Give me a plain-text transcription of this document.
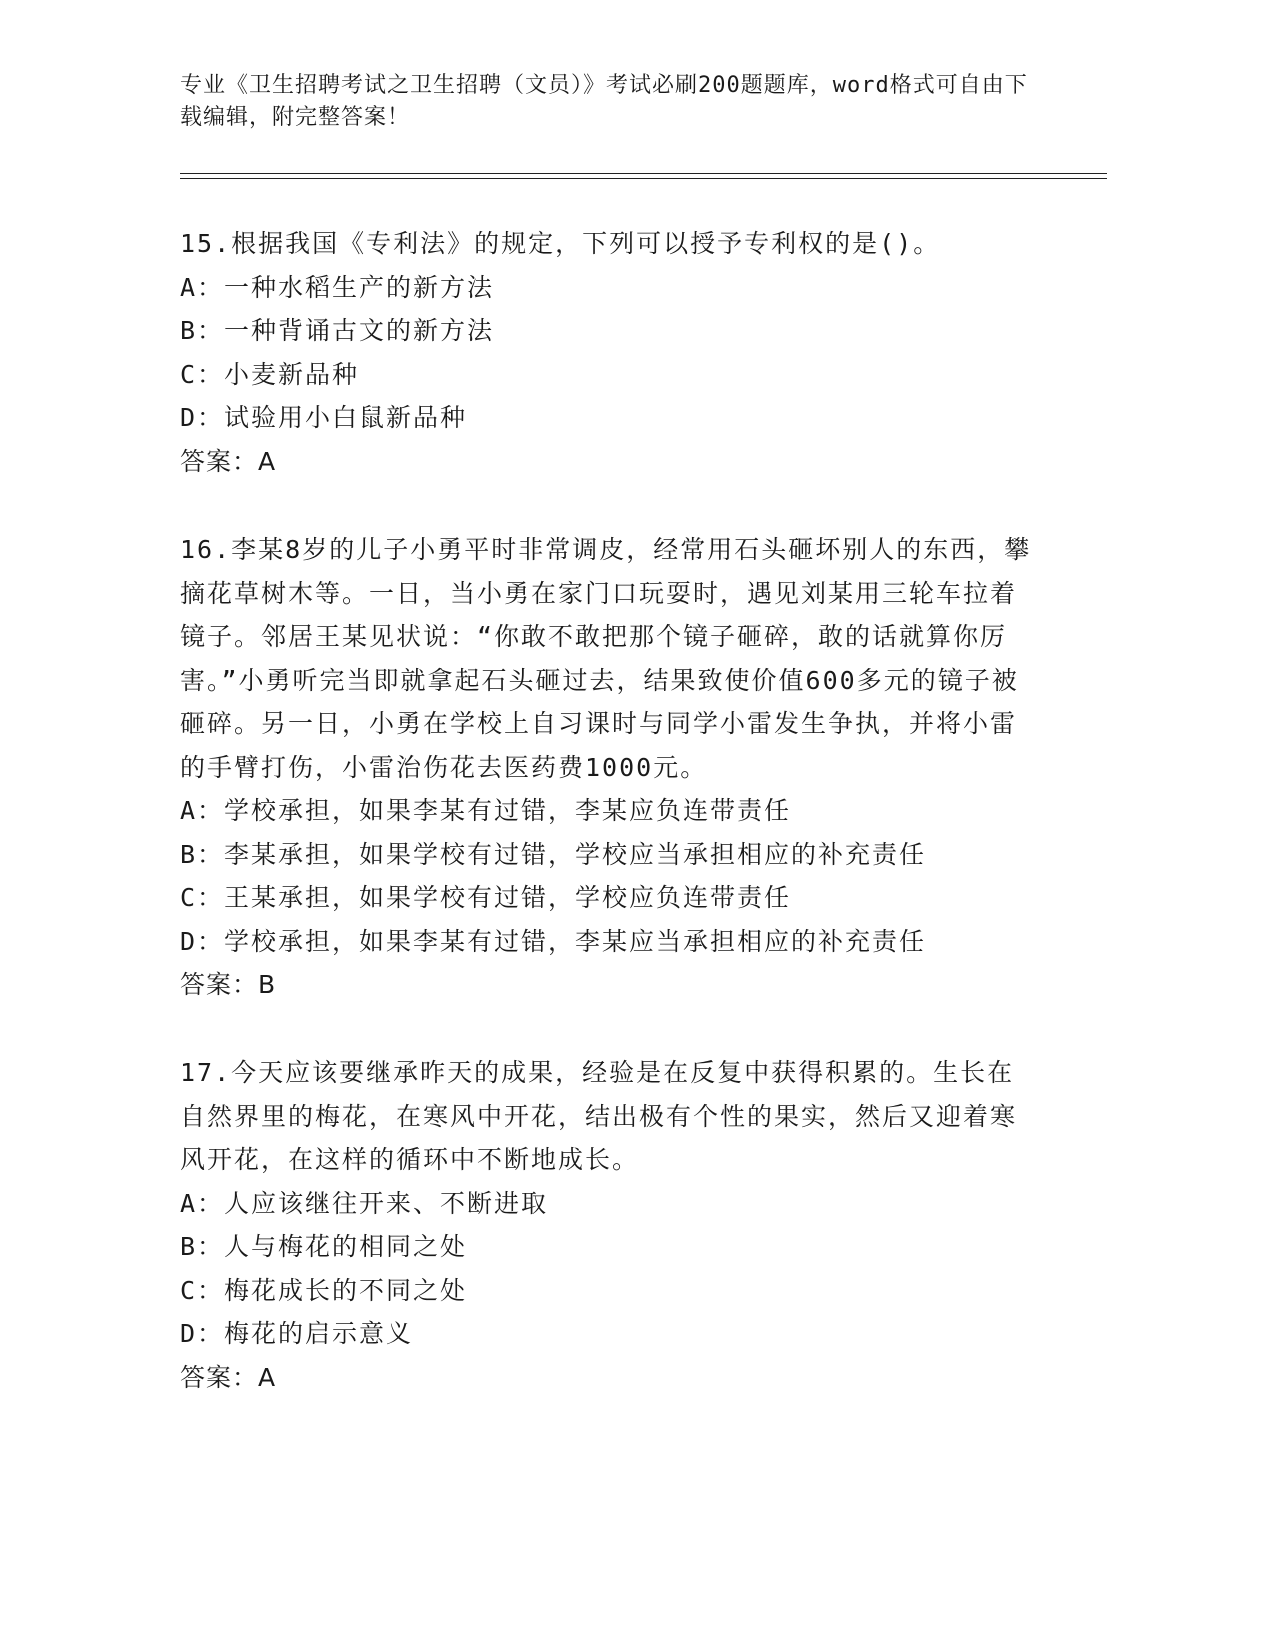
专业《卫生招聘考试之卫生招聘（文员）》考试必刷200题题库，word格式可自由下载编辑，附完整答案！

15.根据我国《专利法》的规定，下列可以授予专利权的是()。

A：一种水稻生产的新方法

B：一种背诵古文的新方法

C：小麦新品种

D：试验用小白鼠新品种

答案：A

16.李某8岁的儿子小勇平时非常调皮，经常用石头砸坏别人的东西，攀摘花草树木等。一日，当小勇在家门口玩耍时，遇见刘某用三轮车拉着镜子。邻居王某见状说：“你敢不敢把那个镜子砸碎，敢的话就算你厉害。”小勇听完当即就拿起石头砸过去，结果致使价值600多元的镜子被砸碎。另一日，小勇在学校上自习课时与同学小雷发生争执，并将小雷的手臂打伤，小雷治伤花去医药费1000元。

A：学校承担，如果李某有过错，李某应负连带责任

B：李某承担，如果学校有过错，学校应当承担相应的补充责任

C：王某承担，如果学校有过错，学校应负连带责任

D：学校承担，如果李某有过错，李某应当承担相应的补充责任

答案：B

17.今天应该要继承昨天的成果，经验是在反复中获得积累的。生长在自然界里的梅花，在寒风中开花，结出极有个性的果实，然后又迎着寒风开花，在这样的循环中不断地成长。

A：人应该继往开来、不断进取

B：人与梅花的相同之处

C：梅花成长的不同之处

D：梅花的启示意义

答案：A
